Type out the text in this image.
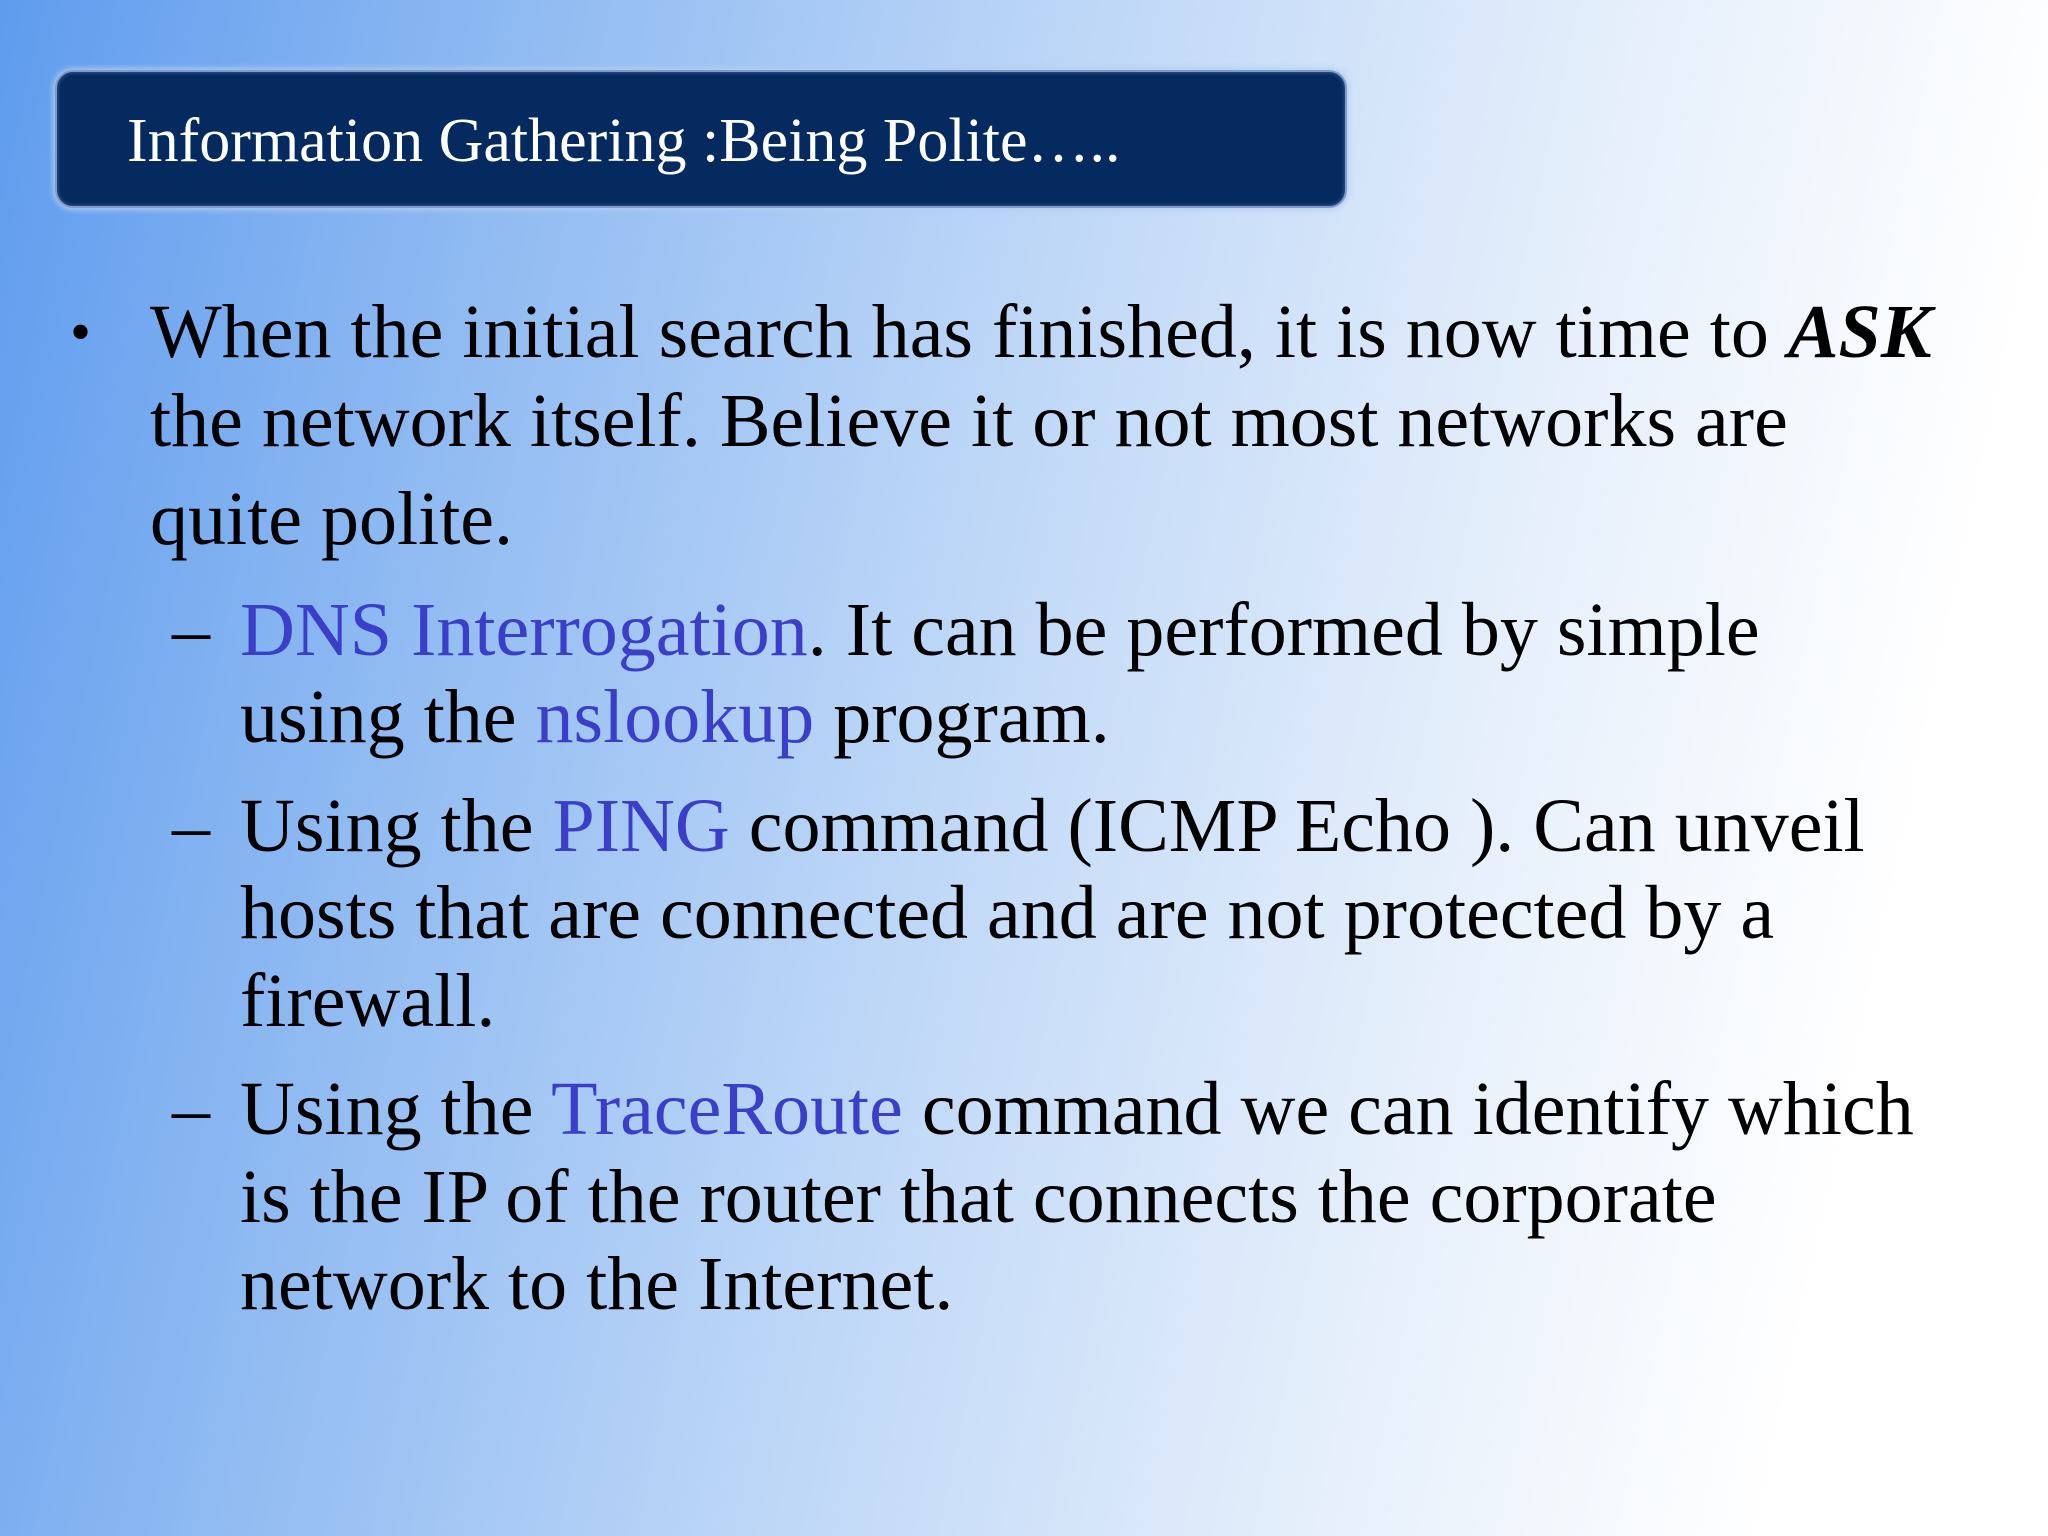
Information Gathering :Being Polite…..
• When the initial search has finished, it is now time to ASK
the network itself. Believe it or not most networks are
quite polite.
– DNS Interrogation. It can be performed by simple
using the nslookup program.
– Using the PING command (ICMP Echo ). Can unveil
hosts that are connected and are not protected by a
firewall.
– Using the TraceRoute command we can identify which
is the IP of the router that connects the corporate
network to the Internet.
